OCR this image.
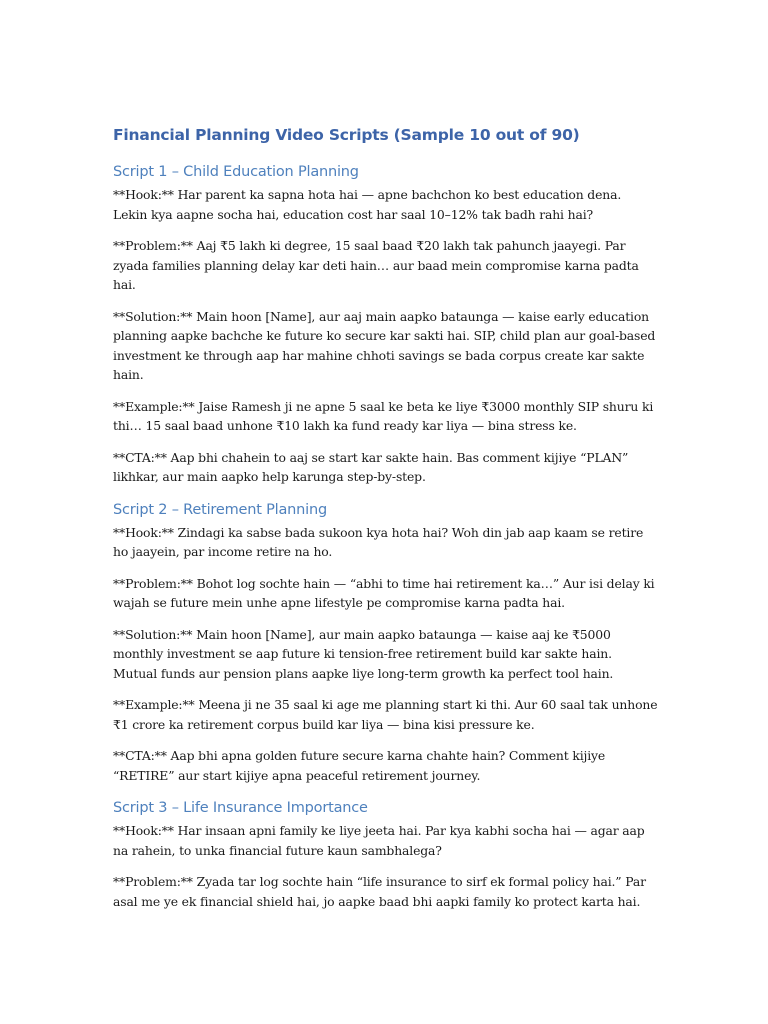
Financial Planning Video Scripts (Sample 10 out of 90)
Script 1 – Child Education Planning

**Hook:** Har parent ka sapna hota hai — apne bachchon ko best education dena. Lekin kya aapne socha hai, education cost har saal 10–12% tak badh rahi hai?

**Problem:** Aaj ₹5 lakh ki degree, 15 saal baad ₹20 lakh tak pahunch jaayegi. Par zyada families planning delay kar deti hain… aur baad mein compromise karna padta hai.

**Solution:** Main hoon [Name], aur aaj main aapko bataunga — kaise early education planning aapke bachche ke future ko secure kar sakti hai. SIP, child plan aur goal-based investment ke through aap har mahine chhoti savings se bada corpus create kar sakte hain.

**Example:** Jaise Ramesh ji ne apne 5 saal ke beta ke liye ₹3000 monthly SIP shuru ki thi… 15 saal baad unhone ₹10 lakh ka fund ready kar liya — bina stress ke.

**CTA:** Aap bhi chahein to aaj se start kar sakte hain. Bas comment kijiye “PLAN” likhkar, aur main aapko help karunga step-by-step.

Script 2 – Retirement Planning

**Hook:** Zindagi ka sabse bada sukoon kya hota hai? Woh din jab aap kaam se retire ho jaayein, par income retire na ho.

**Problem:** Bohot log sochte hain — “abhi to time hai retirement ka…” Aur isi delay ki wajah se future mein unhe apne lifestyle pe compromise karna padta hai.

**Solution:** Main hoon [Name], aur main aapko bataunga — kaise aaj ke ₹5000 monthly investment se aap future ki tension-free retirement build kar sakte hain. Mutual funds aur pension plans aapke liye long-term growth ka perfect tool hain.

**Example:** Meena ji ne 35 saal ki age me planning start ki thi. Aur 60 saal tak unhone ₹1 crore ka retirement corpus build kar liya — bina kisi pressure ke.

**CTA:** Aap bhi apna golden future secure karna chahte hain? Comment kijiye “RETIRE” aur start kijiye apna peaceful retirement journey.

Script 3 – Life Insurance Importance

**Hook:** Har insaan apni family ke liye jeeta hai. Par kya kabhi socha hai — agar aap na rahein, to unka financial future kaun sambhalega?

**Problem:** Zyada tar log sochte hain “life insurance to sirf ek formal policy hai.” Par asal me ye ek financial shield hai, jo aapke baad bhi aapki family ko protect karta hai.
